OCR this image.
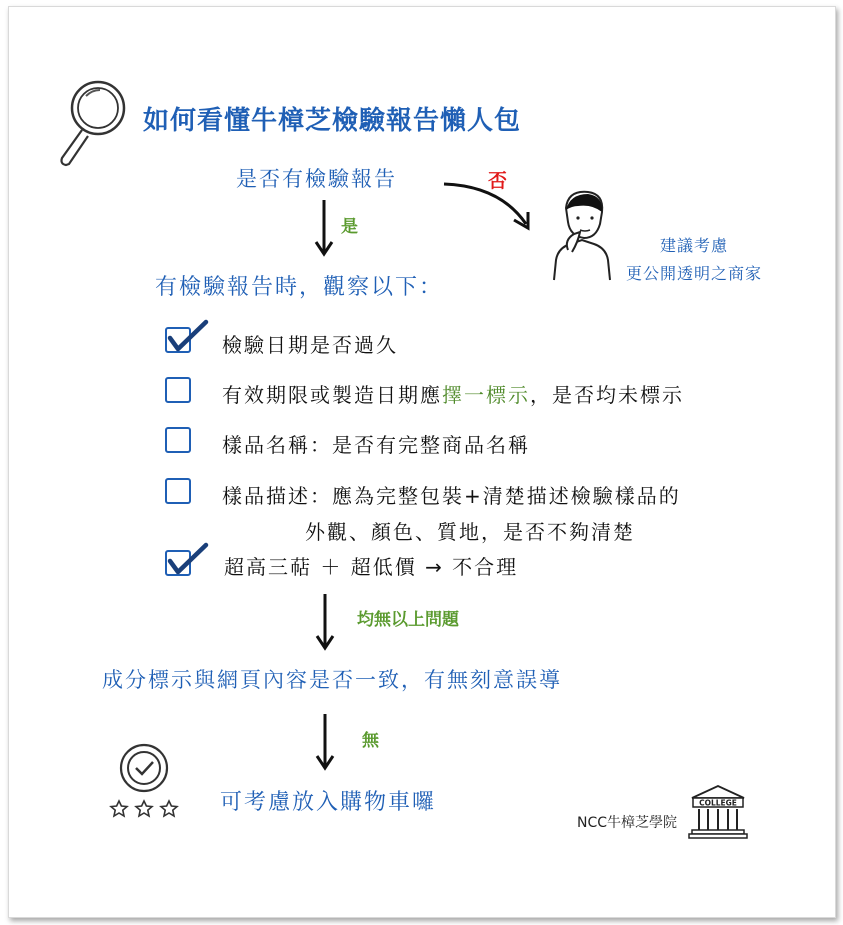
如何看懂牛樟芝檢驗報告懶人包
是否有檢驗報告	否
建議考慮
更公開透明之商家
是
有檢驗報告時，觀察以下：
檢驗日期是否過久
有效期限或製造日期應擇一標示，是否均未標示
樣品名稱：是否有完整商品名稱
樣品描述：應為完整包裝+清楚描述檢驗樣品的
外觀、顏色、質地，是否不夠清楚
超高三萜 ＋ 超低價 → 不合理
均無以上問題
成分標示與網頁內容是否一致，有無刻意誤導
無
可考慮放入購物車囉
NCC牛樟芝學院
COLLEGE
